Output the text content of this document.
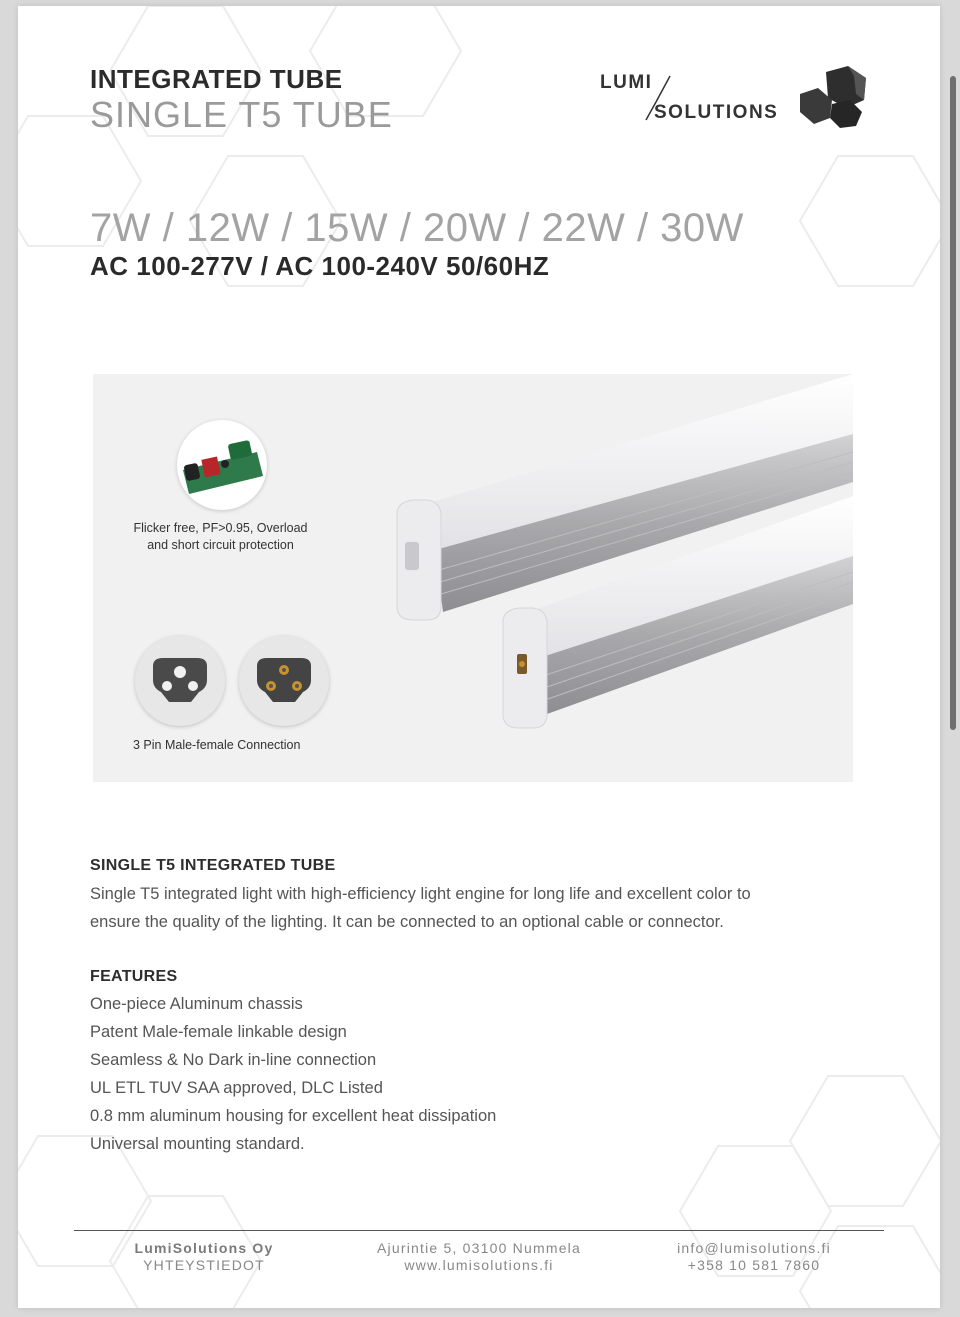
INTEGRATED TUBE
SINGLE T5 TUBE
LUMI
SOLUTIONS
7W / 12W / 15W / 20W / 22W / 30W
AC 100-277V / AC 100-240V 50/60HZ
Flicker free, PF>0.95, Overload
and short circuit protection
3 Pin Male-female Connection
SINGLE T5 INTEGRATED TUBE
Single T5 integrated light with high-efficiency light engine for long life and excellent color to
ensure the quality of the lighting. It can be connected to an optional cable or connector.
FEATURES
One-piece Aluminum chassis
Patent Male-female linkable design
Seamless & No Dark in-line connection
UL ETL TUV SAA approved, DLC Listed
0.8 mm aluminum housing for excellent heat dissipation
Universal mounting standard.
LumiSolutions Oy
YHTEYSTIEDOT
Ajurintie 5, 03100 Nummela
www.lumisolutions.fi
info@lumisolutions.fi
+358 10 581 7860
